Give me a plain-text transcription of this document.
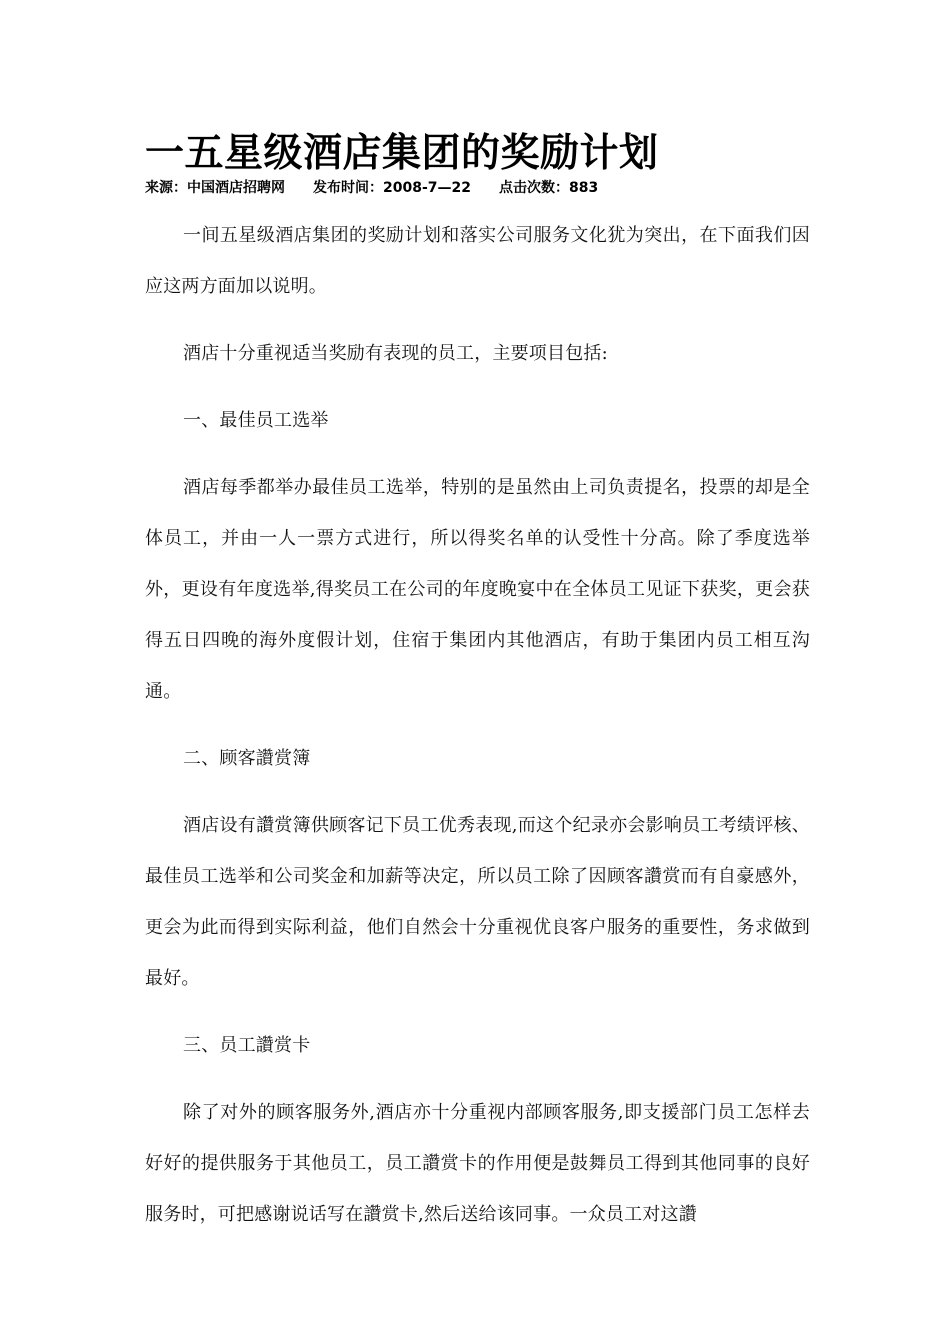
一五星级酒店集团的奖励计划
来源：中国酒店招聘网 发布时间：2008-7—22 点击次数：883

一间五星级酒店集团的奖励计划和落实公司服务文化犹为突出，在下面我们因应这两方面加以说明。

酒店十分重视适当奖励有表现的员工，主要项目包括:

一、最佳员工选举

酒店每季都举办最佳员工选举，特别的是虽然由上司负责提名，投票的却是全体员工，并由一人一票方式进行，所以得奖名单的认受性十分高。除了季度选举外，更设有年度选举,得奖员工在公司的年度晚宴中在全体员工见证下获奖，更会获得五日四晚的海外度假计划，住宿于集团内其他酒店，有助于集团内员工相互沟通。

二、顾客讚赏簿

酒店设有讚赏簿供顾客记下员工优秀表现,而这个纪录亦会影响员工考绩评核、最佳员工选举和公司奖金和加薪等决定，所以员工除了因顾客讚赏而有自豪感外，更会为此而得到实际利益，他们自然会十分重视优良客户服务的重要性，务求做到最好。

三、员工讚赏卡

除了对外的顾客服务外,酒店亦十分重视内部顾客服务,即支援部门员工怎样去好好的提供服务于其他员工，员工讚赏卡的作用便是鼓舞员工得到其他同事的良好服务时，可把感谢说话写在讚赏卡,然后送给该同事。一众员工对这讚
